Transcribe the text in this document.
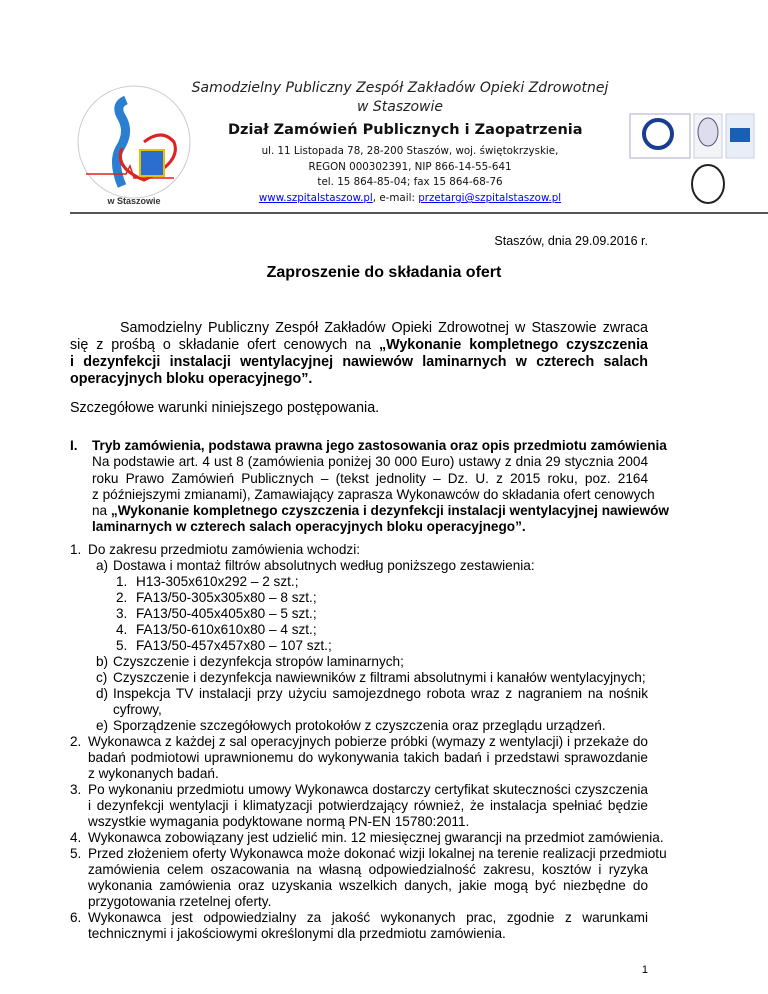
w Staszowie
Samodzielny Publiczny Zespół Zakładów Opieki Zdrowotnej
w Staszowie
Dział Zamówień Publicznych i Zaopatrzenia
ul. 11 Listopada 78, 28-200 Staszów, woj. świętokrzyskie,
REGON 000302391, NIP 866-14-55-641
tel. 15 864-85-04; fax 15 864-68-76
www.szpitalstaszow.pl, e-mail: przetargi@szpitalstaszow.pl
Staszów, dnia 29.09.2016 r.
Zaproszenie do składania ofert
Samodzielny Publiczny Zespół Zakładów Opieki Zdrowotnej w Staszowie zwraca
się z prośbą o składanie ofert cenowych na „Wykonanie kompletnego czyszczenia
i dezynfekcji instalacji wentylacyjnej nawiewów laminarnych w czterech salach
operacyjnych bloku operacyjnego”.
Szczegółowe warunki niniejszego postępowania.
I.	Tryb zamówienia, podstawa prawna jego zastosowania oraz opis przedmiotu zamówienia
Na podstawie art. 4 ust 8 (zamówienia poniżej 30 000 Euro) ustawy z dnia 29 stycznia 2004
roku Prawo Zamówień Publicznych – (tekst jednolity – Dz. U. z 2015 roku, poz. 2164
z późniejszymi zmianami), Zamawiający zaprasza Wykonawców do składania ofert cenowych
na „Wykonanie kompletnego czyszczenia i dezynfekcji instalacji wentylacyjnej nawiewów
laminarnych w czterech salach operacyjnych bloku operacyjnego”.
1. Do zakresu przedmiotu zamówienia wchodzi:
a) Dostawa i montaż filtrów absolutnych według poniższego zestawienia:
1. H13-305x610x292 – 2 szt.;
2. FA13/50-305x305x80 – 8 szt.;
3. FA13/50-405x405x80 – 5 szt.;
4. FA13/50-610x610x80 – 4 szt.;
5. FA13/50-457x457x80 – 107 szt.;
b) Czyszczenie i dezynfekcja stropów laminarnych;
c) Czyszczenie i dezynfekcja nawiewników z filtrami absolutnymi i kanałów wentylacyjnych;
d) Inspekcja TV instalacji przy użyciu samojezdnego robota wraz z nagraniem na nośnik
cyfrowy,
e) Sporządzenie szczegółowych protokołów z czyszczenia oraz przeglądu urządzeń.
2. Wykonawca z każdej z sal operacyjnych pobierze próbki (wymazy z wentylacji) i przekaże do
badań podmiotowi uprawnionemu do wykonywania takich badań i przedstawi sprawozdanie
z wykonanych badań.
3. Po wykonaniu przedmiotu umowy Wykonawca dostarczy certyfikat skuteczności czyszczenia
i dezynfekcji wentylacji i klimatyzacji potwierdzający również, że instalacja spełniać będzie
wszystkie wymagania podyktowane normą PN-EN 15780:2011.
4. Wykonawca zobowiązany jest udzielić min. 12 miesięcznej gwarancji na przedmiot zamówienia.
5. Przed złożeniem oferty Wykonawca może dokonać wizji lokalnej na terenie realizacji przedmiotu
zamówienia celem oszacowania na własną odpowiedzialność zakresu, kosztów i ryzyka
wykonania zamówienia oraz uzyskania wszelkich danych, jakie mogą być niezbędne do
przygotowania rzetelnej oferty.
6. Wykonawca jest odpowiedzialny za jakość wykonanych prac, zgodnie z warunkami
technicznymi i jakościowymi określonymi dla przedmiotu zamówienia.
1
